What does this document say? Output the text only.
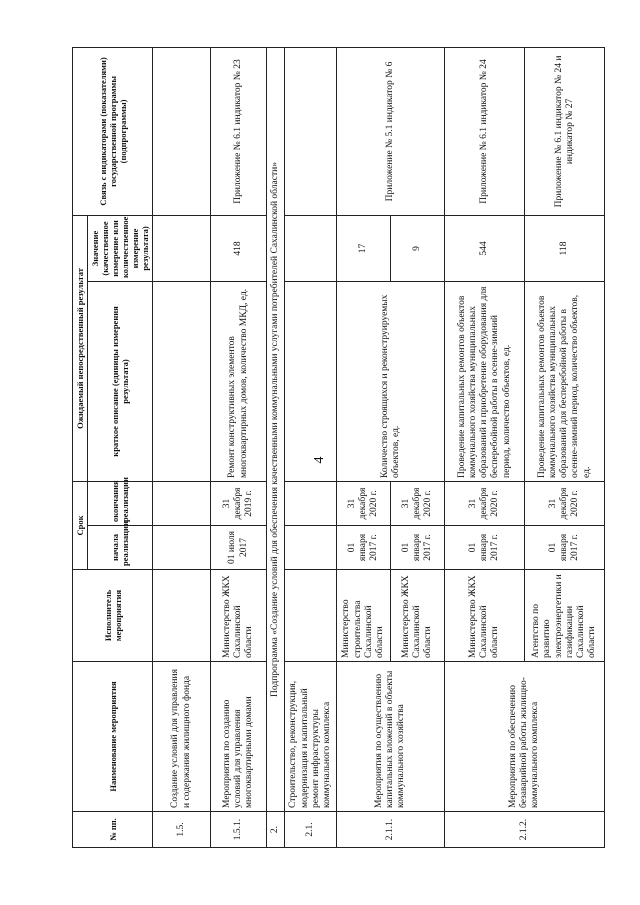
4
№ пп.	Наименование мероприятия	Исполнитель мероприятия	Срок		Ожидаемый непосредственный результат		Связь с индикаторами (показателями) государственной программы (подпрограммы)
			начала реализации	окончания реализации	краткое описание (единицы измерения результата)	Значение (качественное измерение или количественное измерение результата)	
1.5.	Создание условий для управления и содержания жилищного фонда						
1.5.1.	Мероприятия по созданию условий для управления многоквартирными домами	Министерство ЖКХ Сахалинской области	01 июля 2017	31 декабря 2019 г.	Ремонт конструктивных элементов многоквартирных домов, количество МКД, ед.	418	Приложение № 6.1 индикатор № 23
2.	Подпрограмма «Создание условий для обеспечения качественными коммунальными услугами потребителей Сахалинской области»						
2.1.	Строительство, реконструкция, модернизация и капитальный ремонт инфраструктуры коммунального комплекса						
2.1.1.	Мероприятия по осуществлению капитальных вложений в объекты коммунального хозяйства	Министерство строительства Сахалинской области	01 января 2017 г.	31 декабря 2020 г.	Количество строящихся и реконструируемых объектов, ед.	17	Приложение № 5.1 индикатор № 6
		Министерство ЖКХ Сахалинской области	01 января 2017 г.	31 декабря 2020 г.		9	
2.1.2.	Мероприятия по обеспечению безаварийной работы жилищно-коммунального комплекса	Министерство ЖКХ Сахалинской области	01 января 2017 г.	31 декабря 2020 г.	Проведение капитальных ремонтов объектов коммунального хозяйства муниципальных образований и приобретение оборудования для бесперебойной работы в осенне-зимний период, количество объектов, ед.	544	Приложение № 6.1 индикатор № 24
		Агентство по развитию электроэнергетики и газификации Сахалинской области	01 января 2017 г.	31 декабря 2020 г.	Проведение капитальных ремонтов объектов коммунального хозяйства муниципальных образований для бесперебойной работы в осенне-зимний период, количество объектов, ед.	118	Приложение № 6.1 индикатор № 24 и индикатор № 27
